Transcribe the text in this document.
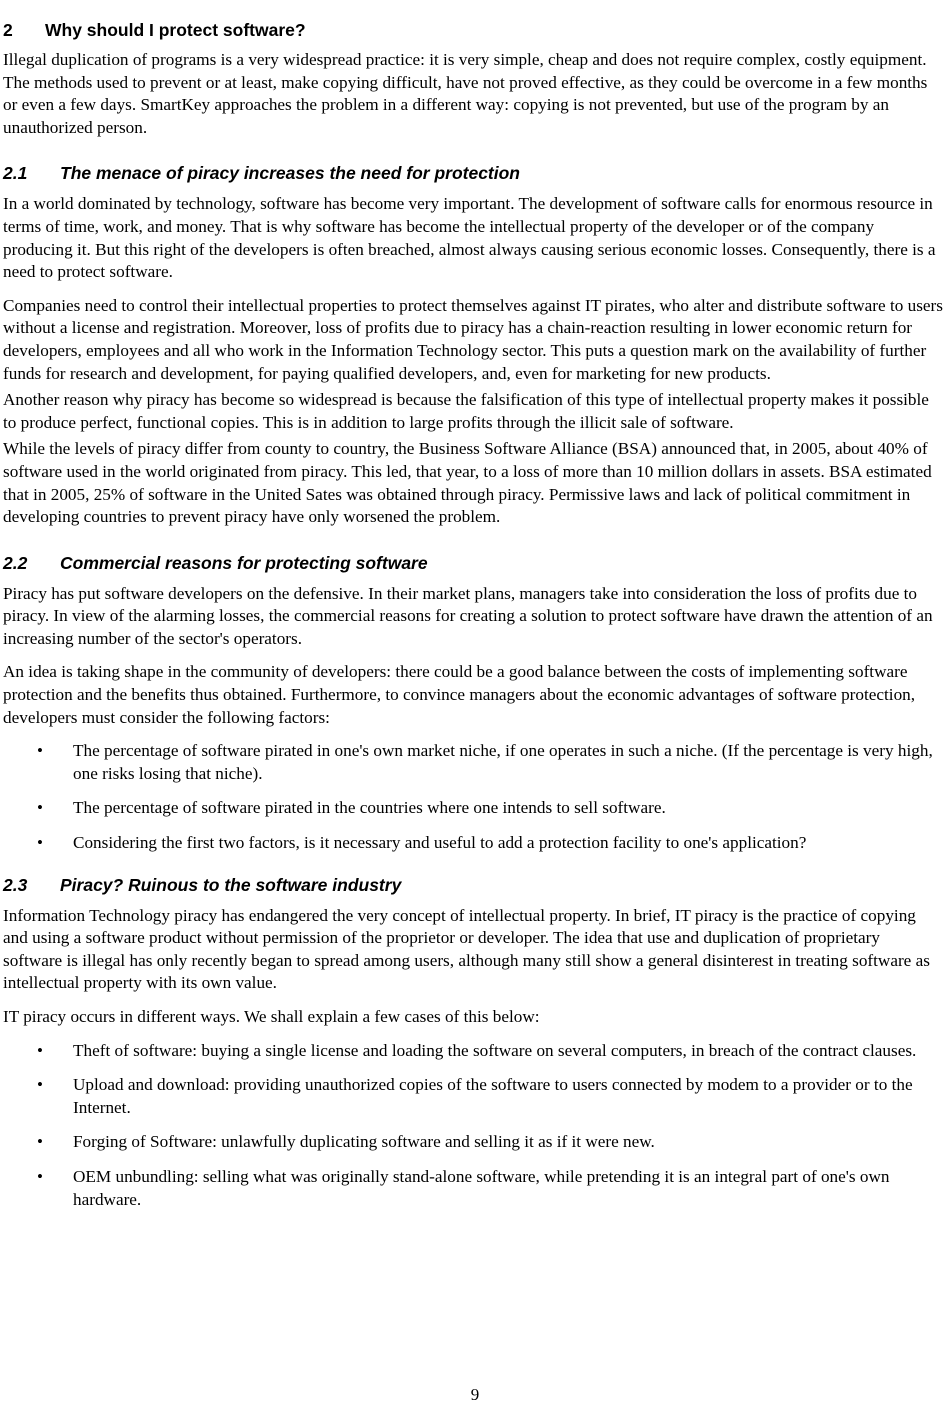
2	Why should I protect software?

Illegal duplication of programs is a very widespread practice: it is very simple, cheap and does not require complex, costly equipment. The methods used to prevent or at least, make copying difficult, have not proved effective, as they could be overcome in a few months or even a few days. SmartKey approaches the problem in a different way: copying is not prevented, but use of the program by an unauthorized person.

2.1	The menace of piracy increases the need for protection

In a world dominated by technology, software has become very important. The development of software calls for enormous resource in terms of time, work, and money. That is why software has become the intellectual property of the developer or of the company producing it. But this right of the developers is often breached, almost always causing serious economic losses. Consequently, there is a need to protect software.

Companies need to control their intellectual properties to protect themselves against IT pirates, who alter and distribute software to users without a license and registration. Moreover, loss of profits due to piracy has a chain-reaction resulting in lower economic return for developers, employees and all who work in the Information Technology sector. This puts a question mark on the availability of further funds for research and development, for paying qualified developers, and, even for marketing for new products.

Another reason why piracy has become so widespread is because the falsification of this type of intellectual property makes it possible to produce perfect, functional copies. This is in addition to large profits through the illicit sale of software.

While the levels of piracy differ from county to country, the Business Software Alliance (BSA) announced that, in 2005, about 40% of software used in the world originated from piracy. This led, that year, to a loss of more than 10 million dollars in assets. BSA estimated that in 2005, 25% of software in the United Sates was obtained through piracy. Permissive laws and lack of political commitment in developing countries to prevent piracy have only worsened the problem.

2.2	Commercial reasons for protecting software

Piracy has put software developers on the defensive. In their market plans, managers take into consideration the loss of profits due to piracy. In view of the alarming losses, the commercial reasons for creating a solution to protect software have drawn the attention of an increasing number of the sector's operators.

An idea is taking shape in the community of developers: there could be a good balance between the costs of implementing software protection and the benefits thus obtained. Furthermore, to convince managers about the economic advantages of software protection, developers must consider the following factors:

•	The percentage of software pirated in one's own market niche, if one operates in such a niche. (If the percentage is very high, one risks losing that niche).
•	The percentage of software pirated in the countries where one intends to sell software.
•	Considering the first two factors, is it necessary and useful to add a protection facility to one's application?
2.3	Piracy? Ruinous to the software industry

Information Technology piracy has endangered the very concept of intellectual property. In brief, IT piracy is the practice of copying and using a software product without permission of the proprietor or developer. The idea that use and duplication of proprietary software is illegal has only recently began to spread among users, although many still show a general disinterest in treating software as intellectual property with its own value.

IT piracy occurs in different ways. We shall explain a few cases of this below:

•	Theft of software: buying a single license and loading the software on several computers, in breach of the contract clauses.
•	Upload and download: providing unauthorized copies of the software to users connected by modem to a provider or to the Internet.
•	Forging of Software: unlawfully duplicating software and selling it as if it were new.
•	OEM unbundling: selling what was originally stand-alone software, while pretending it is an integral part of one's own hardware.
9
